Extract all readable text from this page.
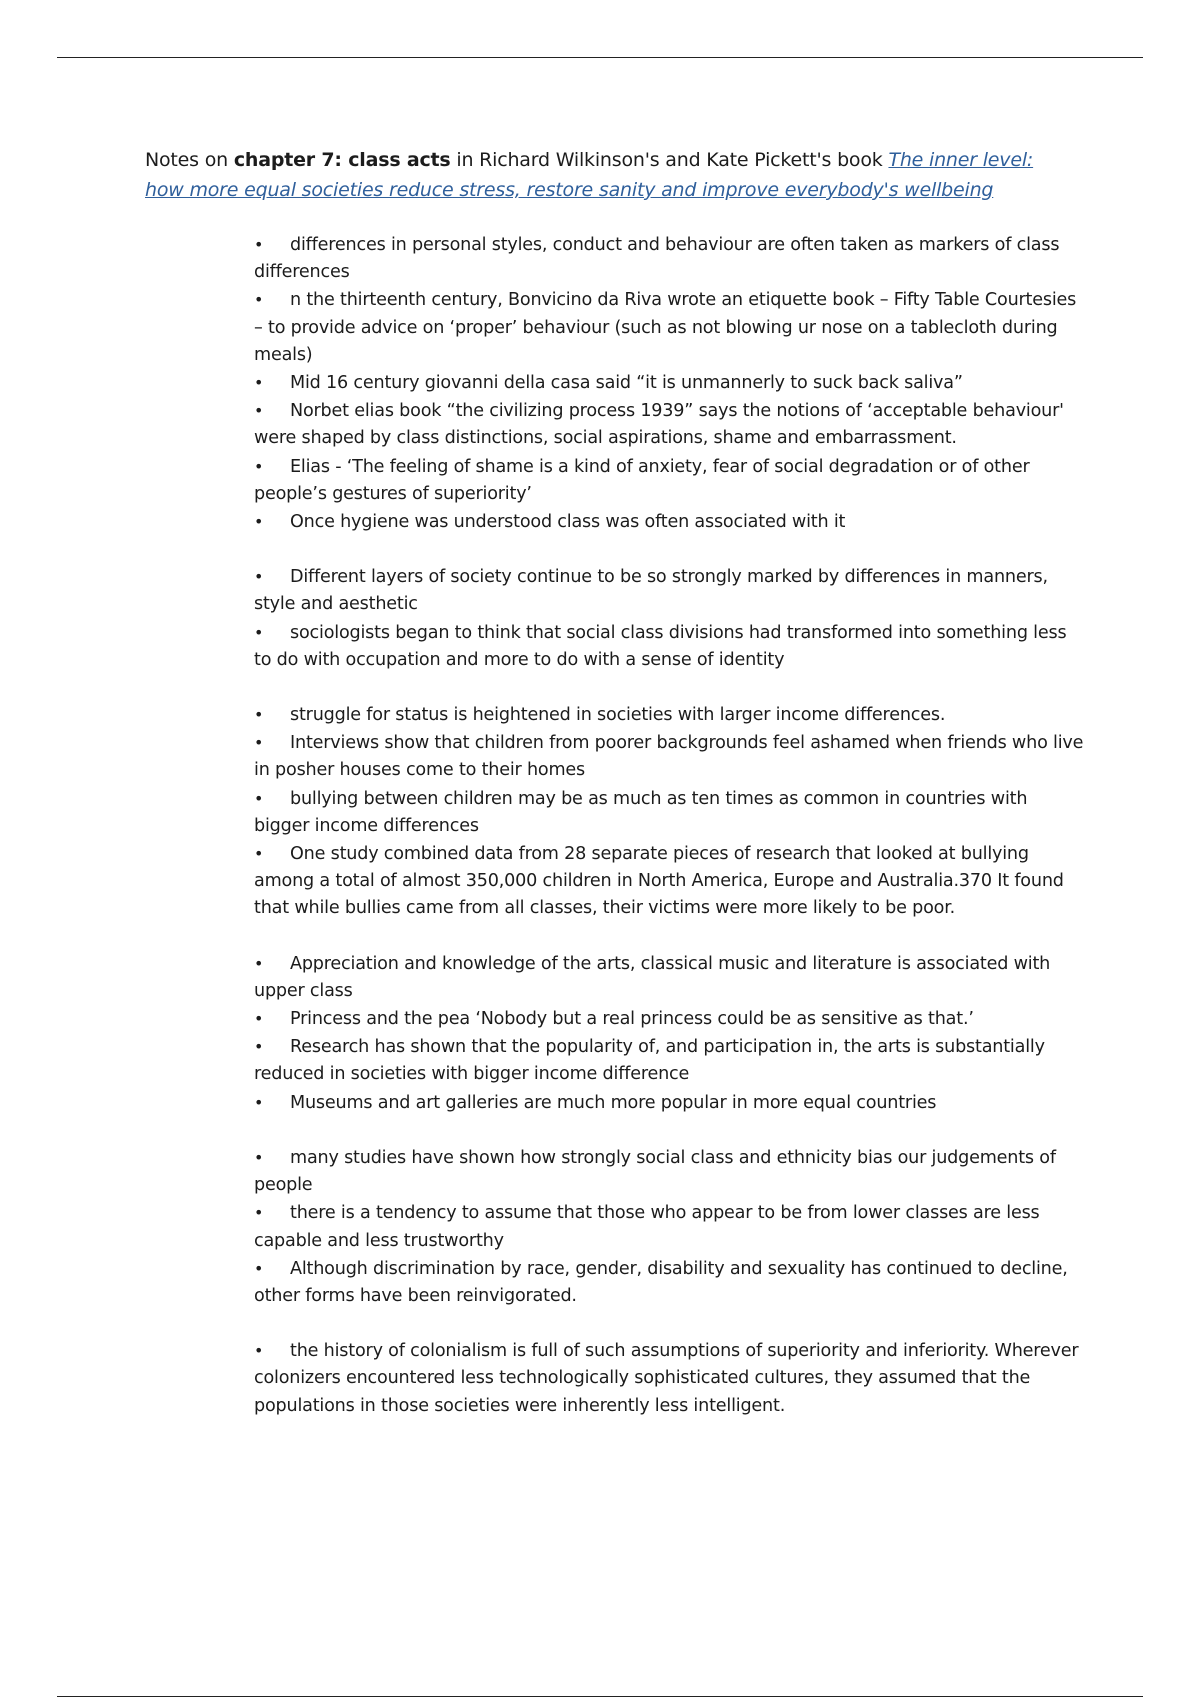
Notes on chapter 7: class acts in Richard Wilkinson's and Kate Pickett's book The inner level: how more equal societies reduce stress, restore sanity and improve everybody's wellbeing
• differences in personal styles, conduct and behaviour are often taken as markers of class differences
• n the thirteenth century, Bonvicino da Riva wrote an etiquette book – Fifty Table Courtesies – to provide advice on ‘proper’ behaviour (such as not blowing ur nose on a tablecloth during meals)
• Mid 16 century giovanni della casa said “it is unmannerly to suck back saliva”
• Norbet elias book “the civilizing process 1939” says the notions of ‘acceptable behaviour' were shaped by class distinctions, social aspirations, shame and embarrassment.
• Elias - ‘The feeling of shame is a kind of anxiety, fear of social degradation or of other people’s gestures of superiority’
• Once hygiene was understood class was often associated with it
• Different layers of society continue to be so strongly marked by differences in manners, style and aesthetic
• sociologists began to think that social class divisions had transformed into something less to do with occupation and more to do with a sense of identity
• struggle for status is heightened in societies with larger income differences.
• Interviews show that children from poorer backgrounds feel ashamed when friends who live in posher houses come to their homes
• bullying between children may be as much as ten times as common in countries with bigger income differences
• One study combined data from 28 separate pieces of research that looked at bullying among a total of almost 350,000 children in North America, Europe and Australia.370 It found that while bullies came from all classes, their victims were more likely to be poor.
• Appreciation and knowledge of the arts, classical music and literature is associated with upper class
• Princess and the pea ‘Nobody but a real princess could be as sensitive as that.’
• Research has shown that the popularity of, and participation in, the arts is substantially reduced in societies with bigger income difference
• Museums and art galleries are much more popular in more equal countries
• many studies have shown how strongly social class and ethnicity bias our judgements of people
• there is a tendency to assume that those who appear to be from lower classes are less capable and less trustworthy
• Although discrimination by race, gender, disability and sexuality has continued to decline, other forms have been reinvigorated.
• the history of colonialism is full of such assumptions of superiority and inferiority. Wherever colonizers encountered less technologically sophisticated cultures, they assumed that the populations in those societies were inherently less intelligent.
